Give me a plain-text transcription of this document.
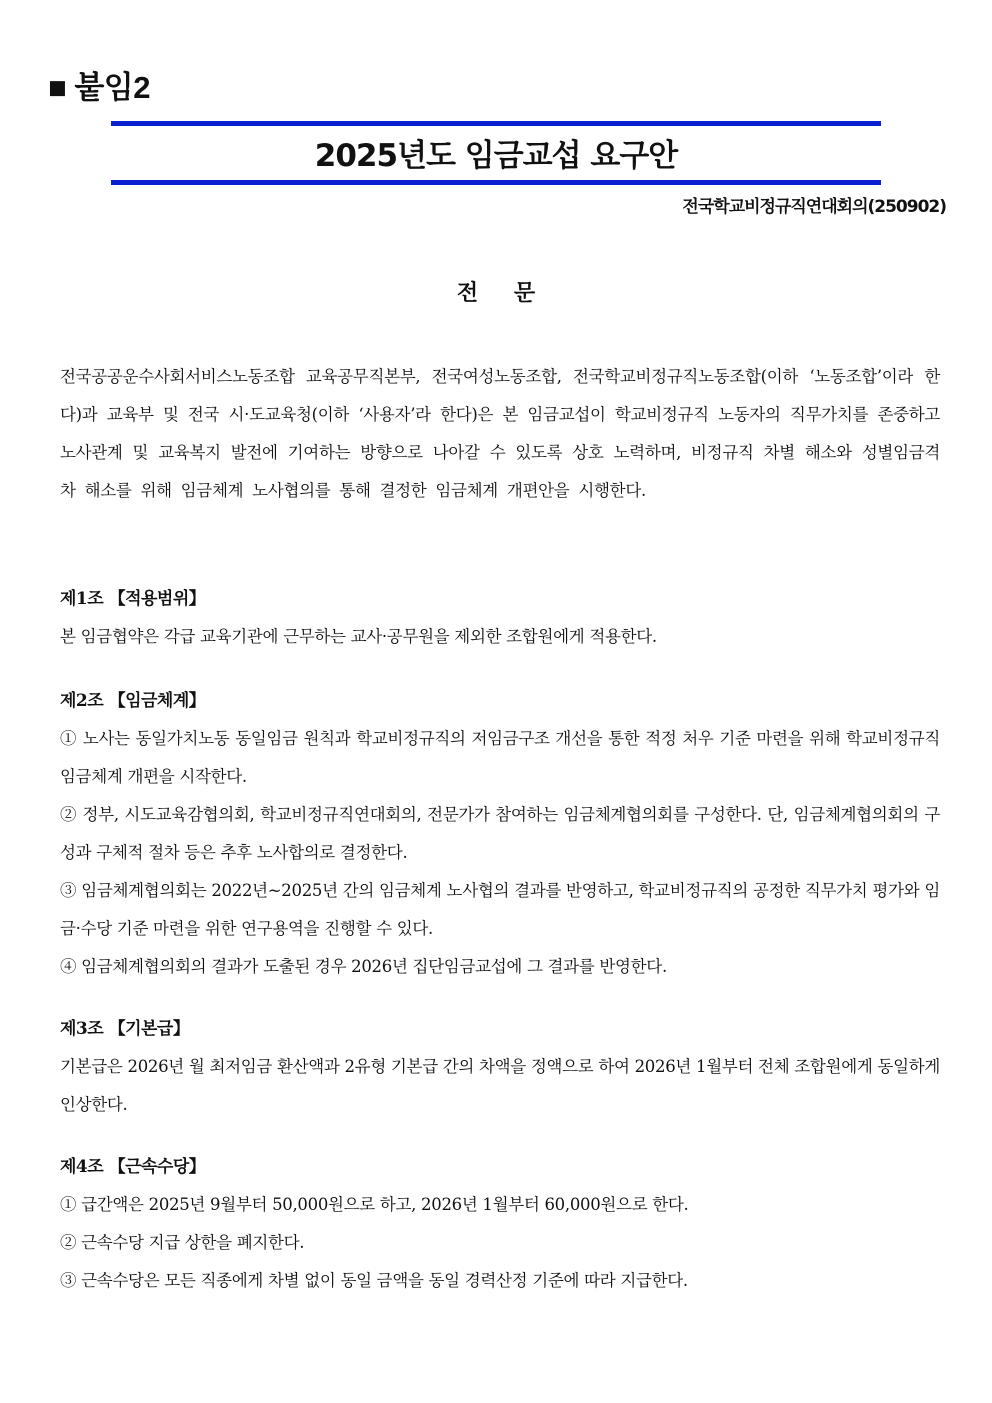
■ 붙임2
2025년도 임금교섭 요구안
전국학교비정규직연대회의(250902)
전 문

전국공공운수사회서비스노동조합 교육공무직본부, 전국여성노동조합, 전국학교비정규직노동조합(이하 ‘노동조합’이라 한다)과 교육부 및 전국 시·도교육청(이하 ‘사용자’라 한다)은 본 임금교섭이 학교비정규직 노동자의 직무가치를 존중하고 노사관계 및 교육복지 발전에 기여하는 방향으로 나아갈 수 있도록 상호 노력하며, 비정규직 차별 해소와 성별임금격차 해소를 위해 임금체계 노사협의를 통해 결정한 임금체계 개편안을 시행한다.

제1조 【적용범위】

본 임금협약은 각급 교육기관에 근무하는 교사·공무원을 제외한 조합원에게 적용한다.

제2조 【임금체계】

① 노사는 동일가치노동 동일임금 원칙과 학교비정규직의 저임금구조 개선을 통한 적정 처우 기준 마련을 위해 학교비정규직 임금체계 개편을 시작한다.

② 정부, 시도교육감협의회, 학교비정규직연대회의, 전문가가 참여하는 임금체계협의회를 구성한다. 단, 임금체계협의회의 구성과 구체적 절차 등은 추후 노사합의로 결정한다.

③ 임금체계협의회는 2022년~2025년 간의 임금체계 노사협의 결과를 반영하고, 학교비정규직의 공정한 직무가치 평가와 임금·수당 기준 마련을 위한 연구용역을 진행할 수 있다.

④ 임금체계협의회의 결과가 도출된 경우 2026년 집단임금교섭에 그 결과를 반영한다.

제3조 【기본급】

기본급은 2026년 월 최저임금 환산액과 2유형 기본급 간의 차액을 정액으로 하여 2026년 1월부터 전체 조합원에게 동일하게 인상한다.

제4조 【근속수당】

① 급간액은 2025년 9월부터 50,000원으로 하고, 2026년 1월부터 60,000원으로 한다.

② 근속수당 지급 상한을 폐지한다.

③ 근속수당은 모든 직종에게 차별 없이 동일 금액을 동일 경력산정 기준에 따라 지급한다.
